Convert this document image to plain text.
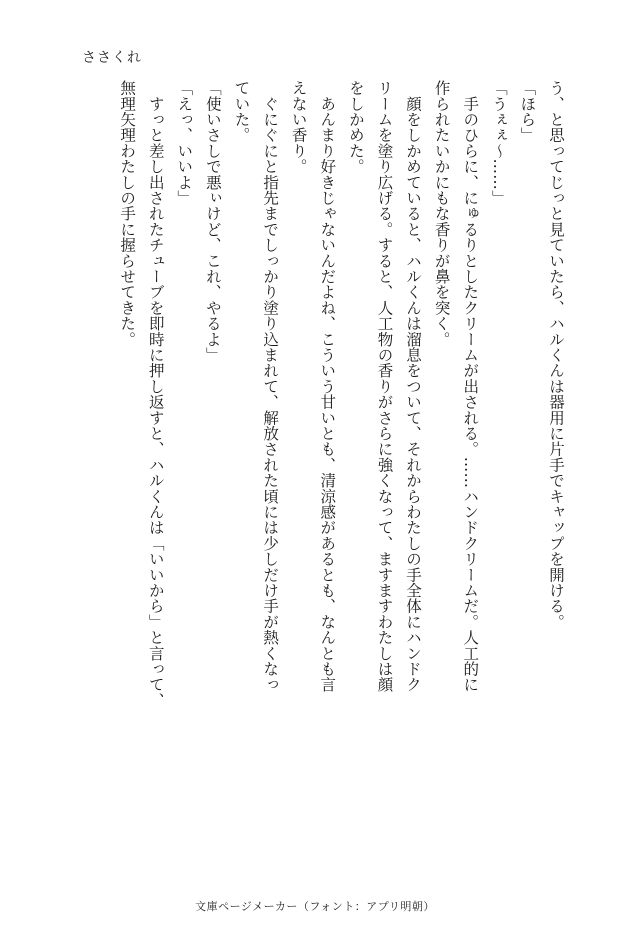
ささくれ
う、と思ってじっと見ていたら、ハルくんは器用に片手でキャップを開ける。
「ほら」
「うぇぇ～……」
　手のひらに、にゅるりとしたクリームが出される。……ハンドクリームだ。人工的に
作られたいかにもな香りが鼻を突く。
　顔をしかめていると、ハルくんは溜息をついて、それからわたしの手全体にハンドク
リームを塗り広げる。すると、人工物の香りがさらに強くなって、ますますわたしは顔
をしかめた。
　あんまり好きじゃないんだよね、こういう甘いとも、清涼感があるとも、なんとも言
えない香り。
　ぐにぐにと指先までしっかり塗り込まれて、解放された頃には少しだけ手が熱くなっ
ていた。
「使いさしで悪ぃけど、これ、やるよ」
「えっ、いいよ」
　すっと差し出されたチューブを即時に押し返すと、ハルくんは「いいから」と言って、
無理矢理わたしの手に握らせてきた。
文庫ページメーカー（フォント：アプリ明朝）
